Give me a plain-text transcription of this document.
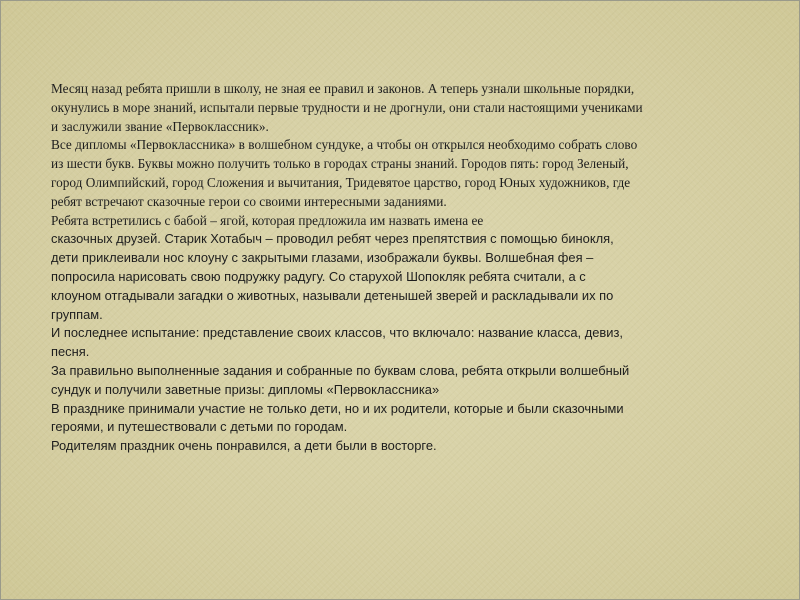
Месяц назад ребята пришли в школу, не зная ее правил и законов. А теперь узнали школьные порядки,
окунулись в море знаний, испытали первые трудности и не дрогнули, они стали настоящими учениками
и заслужили звание «Первоклассник».
Все дипломы «Первоклассника» в волшебном сундуке, а чтобы он открылся необходимо собрать слово
из шести букв. Буквы можно получить только в городах страны знаний. Городов пять: город Зеленый,
город Олимпийский, город Сложения и вычитания, Тридевятое царство, город Юных художников, где
ребят встречают сказочные герои со своими интересными заданиями.
Ребята встретились с бабой – ягой, которая предложила им назвать имена ее
сказочных друзей. Старик Хотабыч – проводил ребят через препятствия с помощью бинокля,
дети приклеивали нос клоуну с закрытыми глазами, изображали буквы. Волшебная фея –
попросила нарисовать свою подружку радугу. Со старухой Шопокляк ребята считали, а с
клоуном отгадывали загадки о животных, называли детенышей зверей и раскладывали их по
группам.
И последнее испытание: представление своих классов, что включало: название класса, девиз,
песня.
За правильно выполненные задания и собранные по буквам слова, ребята открыли волшебный
сундук и получили заветные призы: дипломы «Первоклассника»
В празднике принимали участие не только дети, но и их родители, которые и были сказочными
героями, и путешествовали с детьми по городам.
Родителям праздник очень понравился, а дети были в восторге.
